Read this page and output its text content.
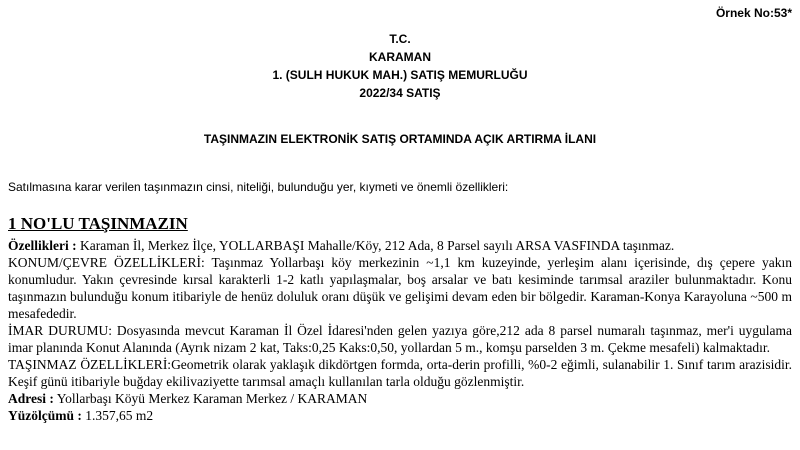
Örnek No:53*
T.C.
KARAMAN
1. (SULH HUKUK MAH.) SATIŞ MEMURLUĞU
2022/34 SATIŞ
TAŞINMAZIN ELEKTRONİK SATIŞ ORTAMINDA AÇIK ARTIRMA İLANI
Satılmasına karar verilen taşınmazın cinsi, niteliği, bulunduğu yer, kıymeti ve önemli özellikleri:
1 NO'LU TAŞINMAZIN

Özellikleri : Karaman İl, Merkez İlçe, YOLLARBAŞI Mahalle/Köy, 212 Ada, 8 Parsel sayılı ARSA VASFINDA taşınmaz.

KONUM/ÇEVRE ÖZELLİKLERİ: Taşınmaz Yollarbaşı köy merkezinin ~1,1 km kuzeyinde, yerleşim alanı içerisinde, dış çepere yakın konumludur. Yakın çevresinde kırsal karakterli 1-2 katlı yapılaşmalar, boş arsalar ve batı kesiminde tarımsal araziler bulunmaktadır. Konu taşınmazın bulunduğu konum itibariyle de henüz doluluk oranı düşük ve gelişimi devam eden bir bölgedir. Karaman-Konya Karayoluna ~500 m mesafededir.

İMAR DURUMU: Dosyasında mevcut Karaman İl Özel İdaresi'nden gelen yazıya göre,212 ada 8 parsel numaralı taşınmaz, mer'i uygulama imar planında Konut Alanında (Ayrık nizam 2 kat, Taks:0,25 Kaks:0,50, yollardan 5 m., komşu parselden 3 m. Çekme mesafeli) kalmaktadır.

TAŞINMAZ ÖZELLİKLERİ:Geometrik olarak yaklaşık dikdörtgen formda, orta-derin profilli, %0-2 eğimli, sulanabilir 1. Sınıf tarım arazisidir. Keşif günü itibariyle buğday ekilivaziyette tarımsal amaçlı kullanılan tarla olduğu gözlenmiştir.

Adresi : Yollarbaşı Köyü Merkez Karaman Merkez / KARAMAN

Yüzölçümü : 1.357,65 m2
